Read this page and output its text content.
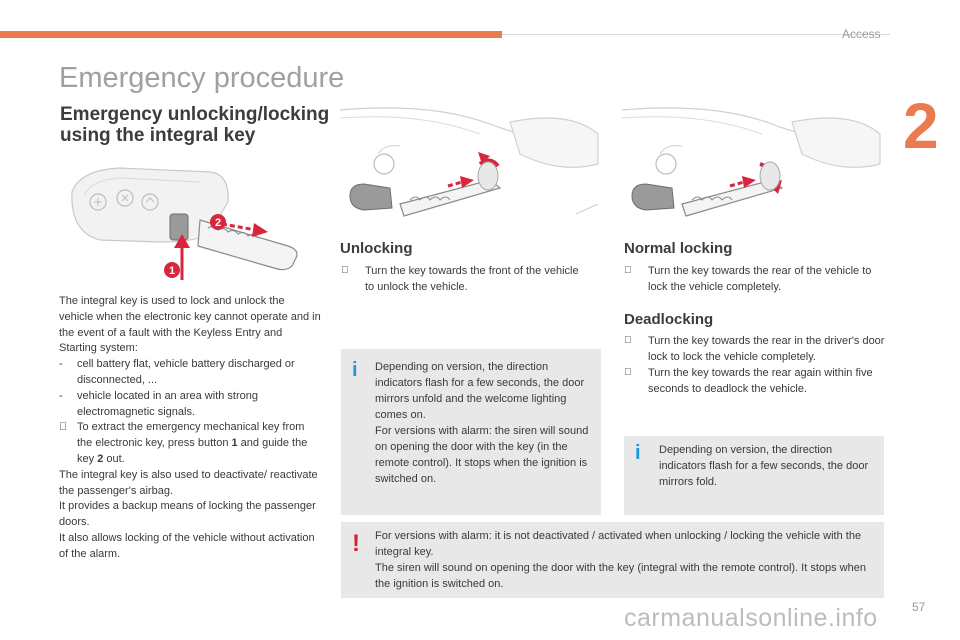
Access
2
Emergency procedure
Emergency unlocking/locking using the integral key
1
2

The integral key is used to lock and unlock the vehicle when the electronic key cannot operate and in the event of a fault with the Keyless Entry and Starting system:

-	cell battery flat, vehicle battery discharged or disconnected, ...
-	vehicle located in an area with strong electromagnetic signals.
To extract the emergency mechanical key from the electronic key, press button 1 and guide the key 2 out.

The integral key is also used to deactivate/ reactivate the passenger's airbag.

It provides a backup means of locking the passenger doors.

It also allows locking of the vehicle without activation of the alarm.

Unlocking
Turn the key towards the front of the vehicle to unlock the vehicle.
Normal locking
Turn the key towards the rear of the vehicle to lock the vehicle completely.
Deadlocking
Turn the key towards the rear in the driver's door lock to lock the vehicle completely.
Turn the key towards the rear again within five seconds to deadlock the vehicle.
i Depending on version, the direction indicators flash for a few seconds, the door mirrors unfold and the welcome lighting comes on.
For versions with alarm: the siren will sound on opening the door with the key (in the remote control). It stops when the ignition is switched on.
i Depending on version, the direction indicators flash for a few seconds, the door mirrors fold.
! For versions with alarm: it is not deactivated / activated when unlocking / locking the vehicle with the integral key.
The siren will sound on opening the door with the key (integral with the remote control). It stops when the ignition is switched on.
carmanualsonline.info	57
